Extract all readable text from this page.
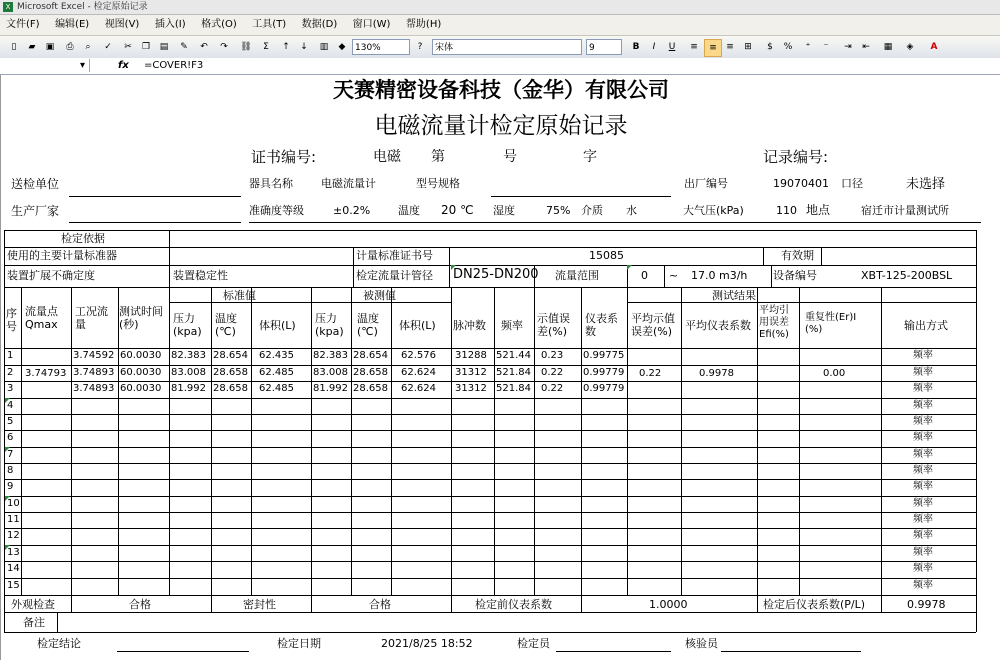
X Microsoft Excel - 检定原始记录
文件(F) 编辑(E) 视图(V) 插入(I) 格式(O) 工具(T) 数据(D) 窗口(W) 帮助(H)
▯	▰	▣	⎙	⌕	✓	✂	❐	▤	✎	↶	↷	⛓	Σ	↑	↓	▥	◆	130%	?	宋体	9	B	I	U	≡	≡	≡	⊞	$	%	⁺	⁻	⇥	⇤	▦	◈	A
▾	fx =COVER!F3
天赛精密设备科技（金华）有限公司
电磁流量计检定原始记录
证书编号:	电磁 第	号	字	记录编号:
送检单位	器具名称	电磁流量计	型号规格	出厂编号	19070401 口径	未选择
生产厂家	准确度等级	±0.2%	温度 20 ℃ 湿度	75% 介质 水	大气压(kPa)	110 地点	宿迁市计量测试所
检定依据
使用的主要计量标准器	计量标准证书号	15085	有效期
装置扩展不确定度	装置稳定性	检定流量计管径 DN25-DN200 流量范围	0 ~ 17.0 m3/h 设备编号	XBT-125-200BSL
序
号
流量点
Qmax
工况流
量
测试时间
(秒)
标准值	被测值	测试结果
压力
(kpa)
温度
(℃) 体积(L)
压力
(kpa)
温度
(℃) 体积(L) 脉冲数 频率
示值误
差(%)
仪表系
数
平均示值
误差(%) 平均仪表系数
平均引
用误差
Efi(%)
重复性(Er)I
(%)	输出方式
1	3.74592 60.0030 82.383 28.654 62.435 82.383 28.654 62.576 31288 521.44 0.23 0.99775	频率
2	3.74893 60.0030 83.008 28.658 62.485 83.008 28.658 62.624 31312 521.84 0.22 0.99779	频率
3	3.74893 60.0030 81.992 28.658 62.485 81.992 28.658 62.624 31312 521.84 0.22 0.99779	频率
4	频率
5	频率
6	频率
7	频率
8	频率
9	频率
10	频率
11	频率
12	频率
13	频率
14	频率
15	频率
3.74793	0.22	0.9978	0.00
外观检查	合格	密封性	合格	检定前仪表系数	1.0000	检定后仪表系数(P/L)	0.9978
备注
检定结论	检定日期	2021/8/25 18:52	检定员	核验员
